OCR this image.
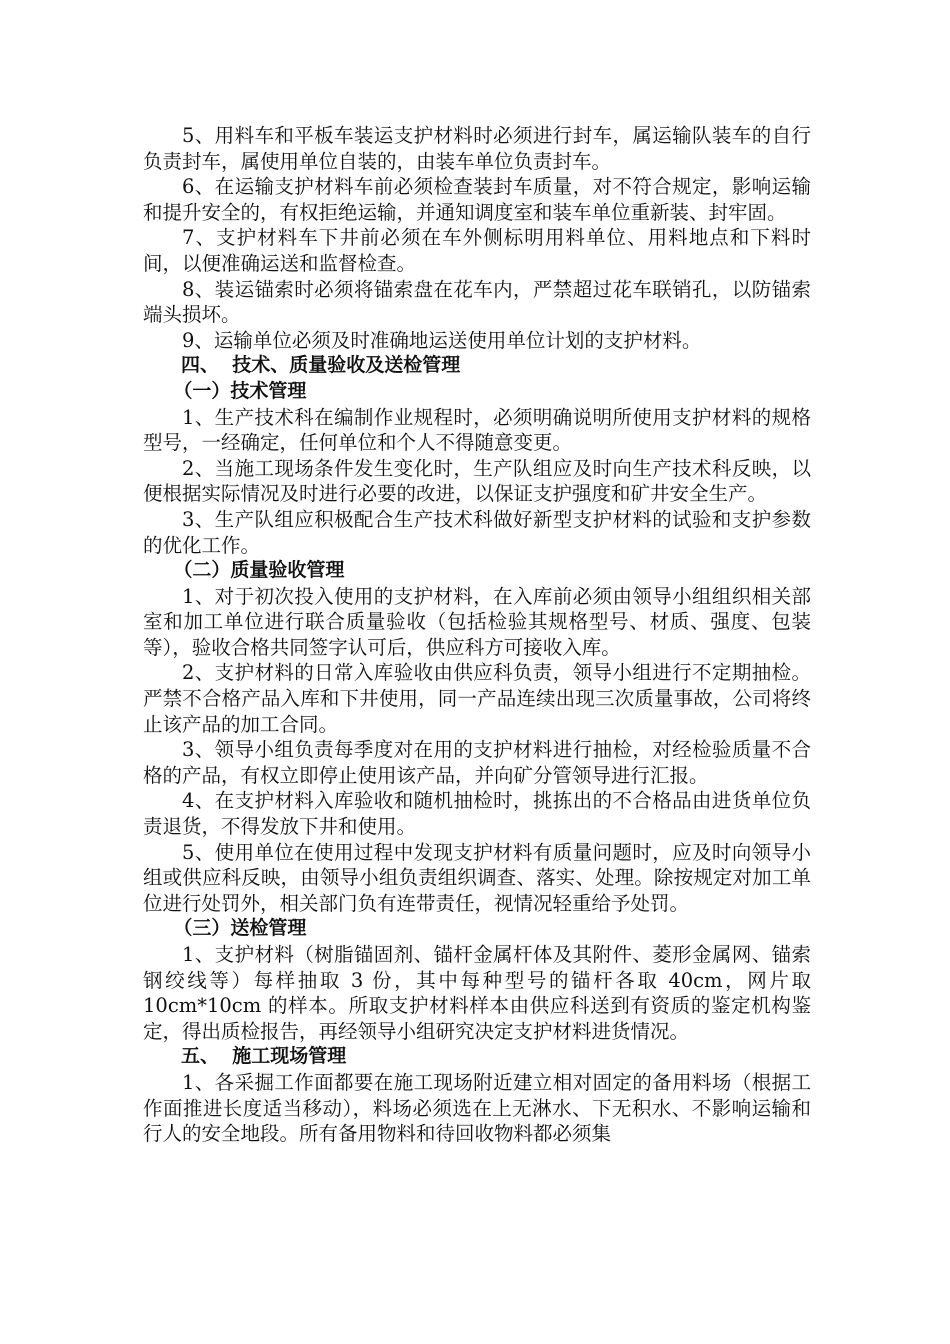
5、用料车和平板车装运支护材料时必须进行封车，属运输队装车的自行负责封车，属使用单位自装的，由装车单位负责封车。

6、在运输支护材料车前必须检查装封车质量，对不符合规定，影响运输和提升安全的，有权拒绝运输，并通知调度室和装车单位重新装、封牢固。

7、支护材料车下井前必须在车外侧标明用料单位、用料地点和下料时间，以便准确运送和监督检查。

8、装运锚索时必须将锚索盘在花车内，严禁超过花车联销孔，以防锚索端头损坏。

9、运输单位必须及时准确地运送使用单位计划的支护材料。

四、  技术、质量验收及送检管理
（一）技术管理

1、生产技术科在编制作业规程时，必须明确说明所使用支护材料的规格型号，一经确定，任何单位和个人不得随意变更。

2、当施工现场条件发生变化时，生产队组应及时向生产技术科反映，以便根据实际情况及时进行必要的改进，以保证支护强度和矿井安全生产。

3、生产队组应积极配合生产技术科做好新型支护材料的试验和支护参数的优化工作。

（二）质量验收管理

1、对于初次投入使用的支护材料，在入库前必须由领导小组组织相关部室和加工单位进行联合质量验收（包括检验其规格型号、材质、强度、包装等），验收合格共同签字认可后，供应科方可接收入库。

2、支护材料的日常入库验收由供应科负责，领导小组进行不定期抽检。严禁不合格产品入库和下井使用，同一产品连续出现三次质量事故，公司将终止该产品的加工合同。

3、领导小组负责每季度对在用的支护材料进行抽检，对经检验质量不合格的产品，有权立即停止使用该产品，并向矿分管领导进行汇报。

4、在支护材料入库验收和随机抽检时，挑拣出的不合格品由进货单位负责退货，不得发放下井和使用。

5、使用单位在使用过程中发现支护材料有质量问题时，应及时向领导小组或供应科反映，由领导小组负责组织调查、落实、处理。除按规定对加工单位进行处罚外，相关部门负有连带责任，视情况轻重给予处罚。

（三）送检管理

1、支护材料（树脂锚固剂、锚杆金属杆体及其附件、菱形金属网、锚索钢绞线等）每样抽取 3 份，其中每种型号的锚杆各取 40cm，网片取 10cm*10cm 的样本。所取支护材料样本由供应科送到有资质的鉴定机构鉴定，得出质检报告，再经领导小组研究决定支护材料进货情况。

五、  施工现场管理

1、各采掘工作面都要在施工现场附近建立相对固定的备用料场（根据工作面推进长度适当移动），料场必须选在上无淋水、下无积水、不影响运输和行人的安全地段。所有备用物料和待回收物料都必须集
